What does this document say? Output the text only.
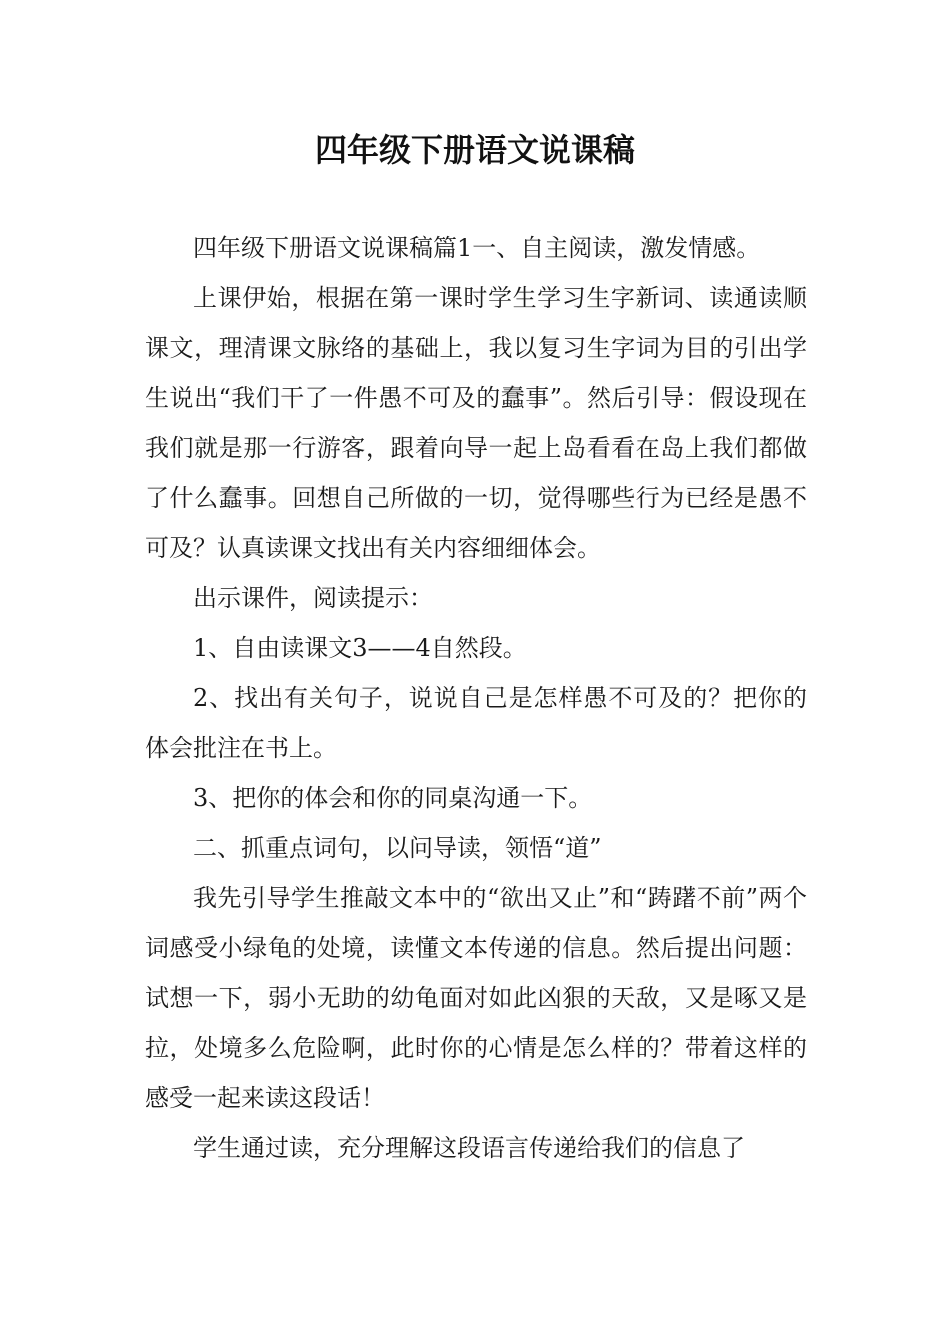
四年级下册语文说课稿

四年级下册语文说课稿篇1一、自主阅读，激发情感。

上课伊始，根据在第一课时学生学习生字新词、读通读顺课文，理清课文脉络的基础上，我以复习生字词为目的引出学生说出“我们干了一件愚不可及的蠢事”。然后引导：假设现在我们就是那一行游客，跟着向导一起上岛看看在岛上我们都做了什么蠢事。回想自己所做的一切，觉得哪些行为已经是愚不可及？认真读课文找出有关内容细细体会。

出示课件，阅读提示：

1、自由读课文3——4自然段。

2、找出有关句子，说说自己是怎样愚不可及的？把你的体会批注在书上。

3、把你的体会和你的同桌沟通一下。

二、抓重点词句，以问导读，领悟“道”

我先引导学生推敲文本中的“欲出又止”和“踌躇不前”两个词感受小绿龟的处境，读懂文本传递的信息。然后提出问题：试想一下，弱小无助的幼龟面对如此凶狠的天敌，又是啄又是拉，处境多么危险啊，此时你的心情是怎么样的？带着这样的感受一起来读这段话！

学生通过读，充分理解这段语言传递给我们的信息了
